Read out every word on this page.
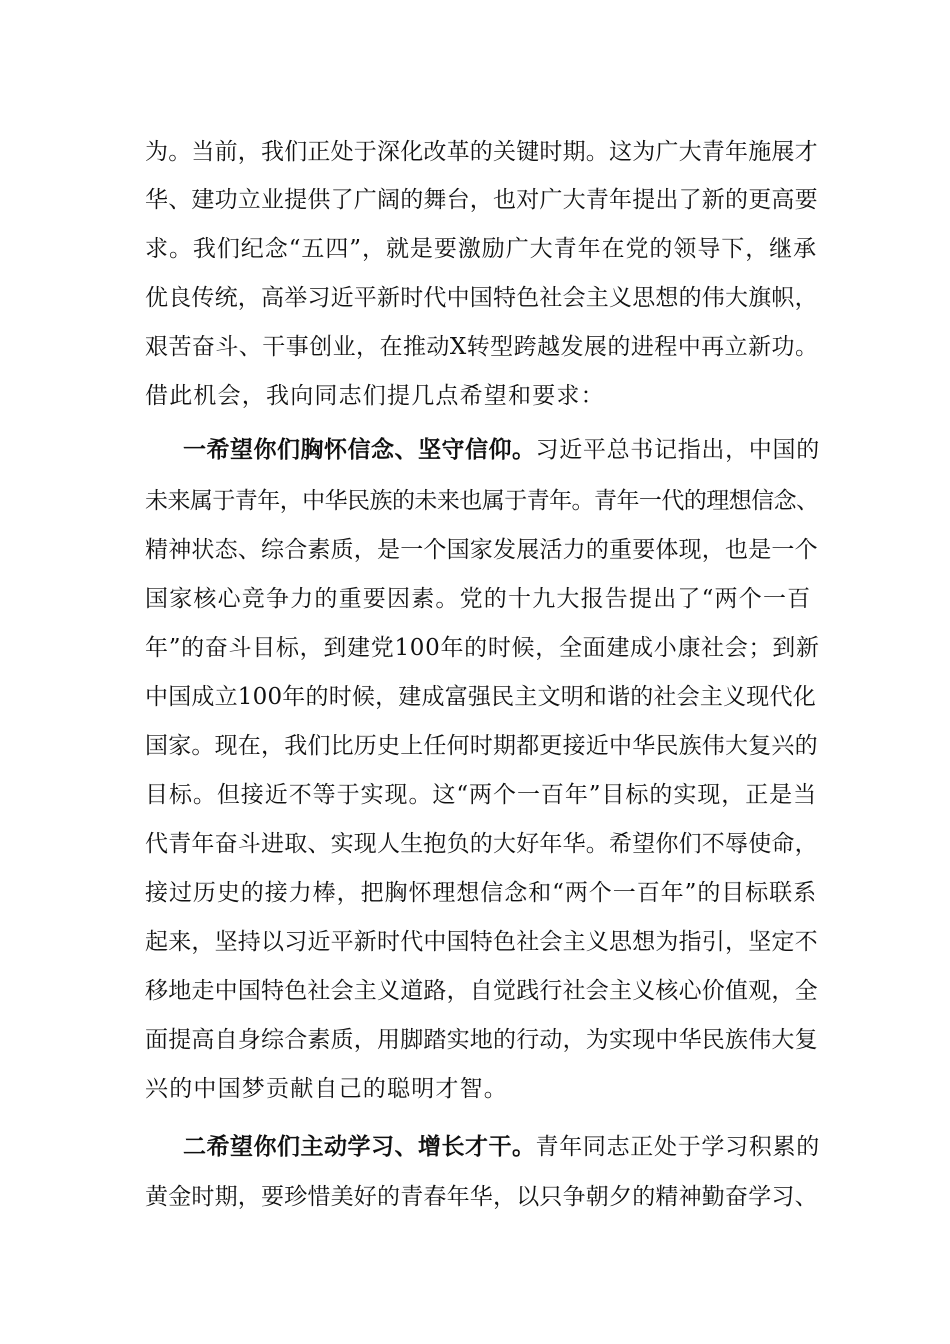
为。当前，我们正处于深化改革的关键时期。这为广大青年施展才
华、建功立业提供了广阔的舞台，也对广大青年提出了新的更高要
求。我们纪念“五四”，就是要激励广大青年在党的领导下，继承
优良传统，高举习近平新时代中国特色社会主义思想的伟大旗帜，
艰苦奋斗、干事创业，在推动X转型跨越发展的进程中再立新功。
借此机会，我向同志们提几点希望和要求：
一希望你们胸怀信念、坚守信仰。习近平总书记指出，中国的
未来属于青年，中华民族的未来也属于青年。青年一代的理想信念、
精神状态、综合素质，是一个国家发展活力的重要体现，也是一个
国家核心竞争力的重要因素。党的十九大报告提出了“两个一百
年”的奋斗目标，到建党100年的时候，全面建成小康社会；到新
中国成立100年的时候，建成富强民主文明和谐的社会主义现代化
国家。现在，我们比历史上任何时期都更接近中华民族伟大复兴的
目标。但接近不等于实现。这“两个一百年”目标的实现，正是当
代青年奋斗进取、实现人生抱负的大好年华。希望你们不辱使命，
接过历史的接力棒，把胸怀理想信念和“两个一百年”的目标联系
起来，坚持以习近平新时代中国特色社会主义思想为指引，坚定不
移地走中国特色社会主义道路，自觉践行社会主义核心价值观，全
面提高自身综合素质，用脚踏实地的行动，为实现中华民族伟大复
兴的中国梦贡献自己的聪明才智。
二希望你们主动学习、增长才干。青年同志正处于学习积累的
黄金时期，要珍惜美好的青春年华，以只争朝夕的精神勤奋学习、
